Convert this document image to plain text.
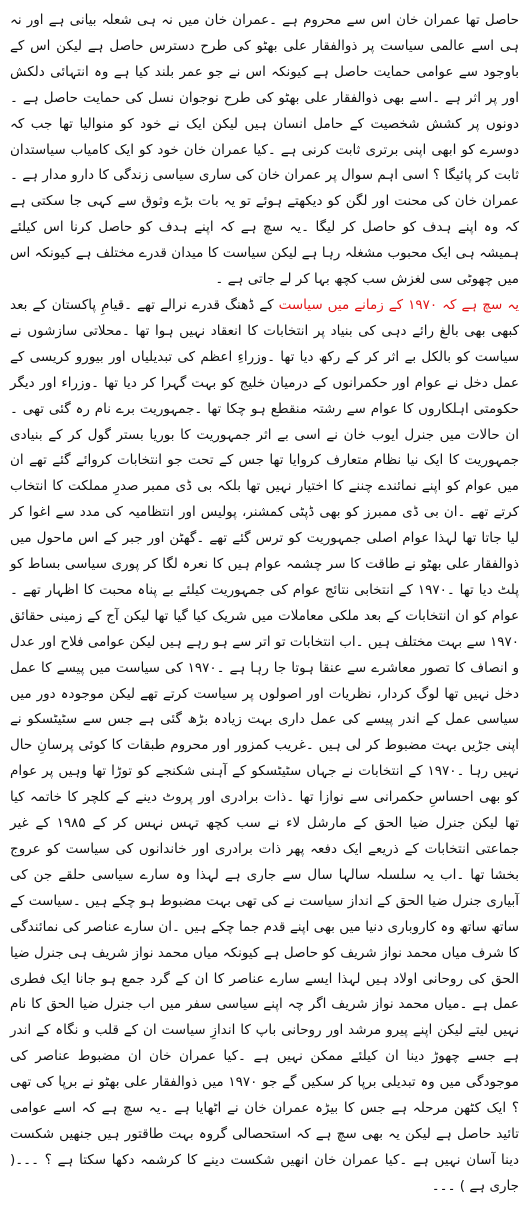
حاصل تھا عمران خان اس سے محروم ہے ۔عمران خان میں نہ ہی شعلہ بیانی ہے اور نہ ہی اسے عالمی سیاست پر ذوالفقار علی بھٹو کی طرح دسترس حاصل ہے لیکن اس کے باوجود سے عوامی حمایت حاصل ہے کیونکہ اس نے جو عمر بلند کیا ہے وہ انتہائی دلکش اور پر اثر ہے ۔اسے بھی ذوالفقار علی بھٹو کی طرح نوجوان نسل کی حمایت حاصل ہے ۔دونوں پر کشش شخصیت کے حامل انسان ہیں لیکن ایک نے خود کو منوالیا تھا جب کہ دوسرے کو ابھی اپنی برتری ثابت کرنی ہے ۔کیا عمران خان خود کو ایک کامیاب سیاستدان ثابت کر پائیگا ؟ اسی اہم سوال پر عمران خان کی ساری سیاسی زندگی کا دارو مدار ہے ۔عمران خان کی محنت اور لگن کو دیکھتے ہوئے تو یہ بات بڑے وثوق سے کہی جا سکتی ہے کہ وہ اپنے ہدف کو حاصل کر لیگا ۔یہ سچ ہے کہ اپنے ہدف کو حاصل کرنا اس کیلئے ہمیشہ ہی ایک محبوب مشغلہ رہا ہے لیکن سیاست کا میدان قدرے مختلف ہے کیونکہ اس میں چھوٹی سی لغزش سب کچھ بہا کر لے جاتی ہے ۔

یہ سچ ہے کہ ۱۹۷۰ کے زمانے میں سیاست کے ڈھنگ قدرے نرالے تھے ۔قیامِ پاکستان کے بعد کبھی بھی بالغ رائے دہی کی بنیاد پر انتخابات کا انعقاد نہیں ہوا تھا ۔محلاتی سازشوں نے سیاست کو بالکل بے اثر کر کے رکھ دیا تھا ۔وزراءِ اعظم کی تبدیلیاں اور بیورو کریسی کے عمل دخل نے عوام اور حکمرانوں کے درمیان خلیج کو بہت گہرا کر دیا تھا ۔وزراء اور دیگر حکومتی اہلکاروں کا عوام سے رشتہ منقطع ہو چکا تھا ۔جمہوریت برے نام رہ گئی تھی ۔ان حالات میں جنرل ایوب خان نے اسی بے اثر جمہوریت کا بوریا بستر گول کر کے بنیادی جمہوریت کا ایک نیا نظام متعارف کروایا تھا جس کے تحت جو انتخابات کروائے گئے تھے ان میں عوام کو اپنے نمائندے چننے کا اختیار نہیں تھا بلکہ بی ڈی ممبر صدرِ مملکت کا انتخاب کرتے تھے ۔ان بی ڈی ممبرز کو بھی ڈپٹی کمشنر، پولیس اور انتظامیہ کی مدد سے اغوا کر لیا جاتا تھا لہذا عوام اصلی جمہوریت کو ترس گئے تھے ۔گھٹن اور جبر کے اس ماحول میں ذوالفقار علی بھٹو نے طاقت کا سر چشمہ عوام ہیں کا نعرہ لگا کر پوری سیاسی بساط کو پلٹ دیا تھا ۔۱۹۷۰ کے انتخابی نتائج عوام کی جمہوریت کیلئے بے پناہ محبت کا اظہار تھے ۔عوام کو ان انتخابات کے بعد ملکی معاملات میں شریک کیا گیا تھا لیکن آج کے زمینی حقائق ۱۹۷۰ سے بہت مختلف ہیں ۔اب انتخابات تو اتر سے ہو رہے ہیں لیکن عوامی فلاح اور عدل و انصاف کا تصور معاشرے سے عنقا ہوتا جا رہا ہے ۔۱۹۷۰ کی سیاست میں پیسے کا عمل دخل نہیں تھا لوگ کردار، نظریات اور اصولوں پر سیاست کرتے تھے لیکن موجودہ دور میں سیاسی عمل کے اندر پیسے کی عمل داری بہت زیادہ بڑھ گئی ہے جس سے سٹیٹسکو نے اپنی جڑیں بہت مضبوط کر لی ہیں ۔غریب کمزور اور محروم طبقات کا کوئی پرسانِ حال نہیں رہا ۔۱۹۷۰ کے انتخابات نے جہاں سٹیٹسکو کے آہنی شکنجے کو توڑا تھا وہیں پر عوام کو بھی احساسِ حکمرانی سے نوازا تھا ۔ذات برادری اور پروٹ دینے کے کلچر کا خاتمہ کیا تھا لیکن جنرل ضیا الحق کے مارشل لاء نے سب کچھ تہس نہس کر کے ۱۹۸۵ کے غیر جماعتی انتخابات کے ذریعے ایک دفعہ پھر ذات برادری اور خاندانوں کی سیاست کو عروج بخشا تھا ۔اب یہ سلسلہ سالہا سال سے جاری ہے لہذا وہ سارے سیاسی حلقے جن کی آبیاری جنرل ضیا الحق کے انداز سیاست نے کی تھی بہت مضبوط ہو چکے ہیں ۔سیاست کے ساتھ ساتھ وہ کاروباری دنیا میں بھی اپنے قدم جما چکے ہیں ۔ان سارے عناصر کی نمائندگی کا شرف میاں محمد نواز شریف کو حاصل ہے کیونکہ میاں محمد نواز شریف ہی جنرل ضیا الحق کی روحانی اولاد ہیں لہذا ایسے سارے عناصر کا ان کے گرد جمع ہو جانا ایک فطری عمل ہے ۔میاں محمد نواز شریف اگر چہ اپنے سیاسی سفر میں اب جنرل ضیا الحق کا نام نہیں لیتے لیکن اپنے پیرو مرشد اور روحانی باپ کا اندازِ سیاست ان کے قلب و نگاہ کے اندر ہے جسے چھوڑ دینا ان کیلئے ممکن نہیں ہے ۔کیا عمران خان ان مضبوط عناصر کی موجودگی میں وہ تبدیلی برپا کر سکیں گے جو ۱۹۷۰ میں ذوالفقار علی بھٹو نے برپا کی تھی ؟ ایک کٹھن مرحلہ ہے جس کا بیڑہ عمران خان نے اٹھایا ہے ۔یہ سچ ہے کہ اسے عوامی تائید حاصل ہے لیکن یہ بھی سچ ہے کہ استحصالی گروہ بہت طاقتور ہیں جنھیں شکست دینا آسان نہیں ہے ۔کیا عمران خان انھیں شکست دینے کا کرشمہ دکھا سکتا ہے ؟ ۔۔۔( جاری ہے ) ۔۔۔
